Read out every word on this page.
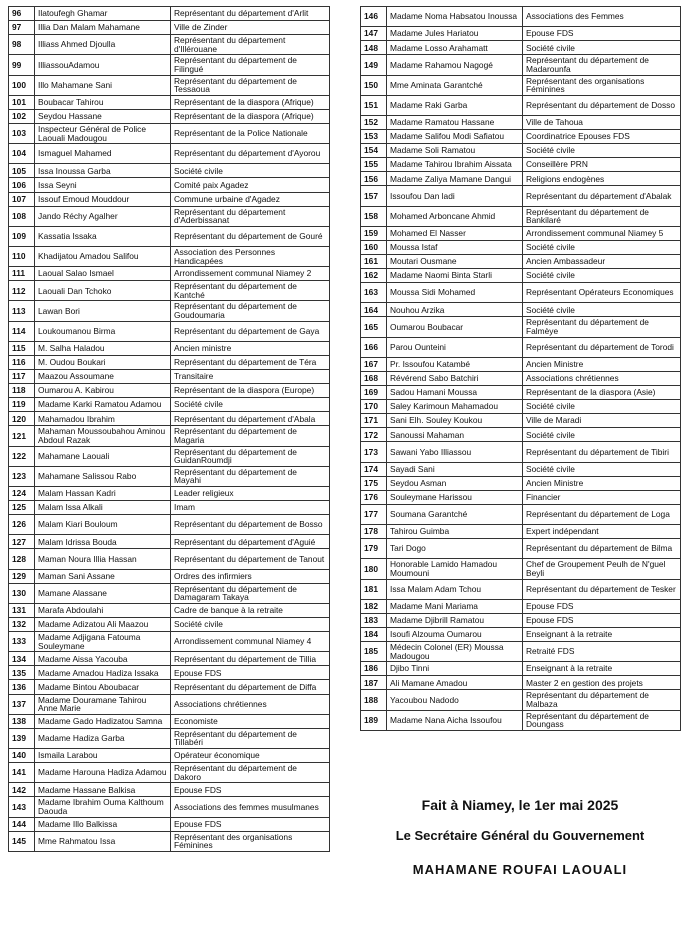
96	Ilatoufegh Ghamar	Représentant du département d'Arlit
97	Illia Dan Malam Mahamane	Ville de Zinder
98	Illiass Ahmed Djoulla	Représentant du département d'Illérouane
99	IlliassouAdamou	Représentant du département de Filingué
100	Illo Mahamane Sani	Représentant du département de Tessaoua
101	Boubacar Tahirou	Représentant de la diaspora (Afrique)
102	Seydou Hassane	Représentant de la diaspora (Afrique)
103	Inspecteur Général de Police Laouali Madougou	Représentant de la Police Nationale
104	Ismaguel Mahamed	Représentant du département d'Ayorou
105	Issa Inoussa Garba	Société civile
106	Issa Seyni	Comité paix Agadez
107	Issouf Emoud Mouddour	Commune urbaine d'Agadez
108	Jando Réchy Agalher	Représentant du département d'Aderbissanat
109	Kassatia Issaka	Représentant du département de Gouré
110	Khadijatou Amadou Salifou	Association des Personnes Handicapées
111	Laoual Salao Ismael	Arrondissement communal Niamey 2
112	Laouali Dan Tchoko	Représentant du département de Kantché
113	Lawan Bori	Représentant du département de Goudoumaria
114	Loukoumanou Birma	Représentant du département de Gaya
115	M. Salha Haladou	Ancien ministre
116	M. Oudou Boukari	Représentant du département de Téra
117	Maazou Assoumane	Transitaire
118	Oumarou A. Kabirou	Représentant de la diaspora (Europe)
119	Madame Karki Ramatou Adamou	Société civile
120	Mahamadou Ibrahim	Représentant du département d'Abala
121	Mahaman Moussoubahou Aminou Abdoul Razak	Représentant du département de Magaria
122	Mahamane Laouali	Représentant du département de GuidanRoumdji
123	Mahamane Salissou Rabo	Représentant du département de Mayahi
124	Malam Hassan Kadri	Leader religieux
125	Malam Issa Alkali	Imam
126	Malam Kiari Bouloum	Représentant du département de Bosso
127	Malam Idrissa Bouda	Représentant du département d'Aguié
128	Maman Noura Illia Hassan	Représentant du département de Tanout
129	Maman Sani Assane	Ordres des infirmiers
130	Mamane Alassane	Représentant du département de Damagaram Takaya
131	Marafa Abdoulahi	Cadre de banque à la retraite
132	Madame Adizatou Ali Maazou	Société civile
133	Madame Adjigana Fatouma Souleymane	Arrondissement communal Niamey 4
134	Madame Aissa Yacouba	Représentant du département de Tillia
135	Madame Amadou Hadiza Issaka	Epouse FDS
136	Madame Bintou Aboubacar	Représentant du département de Diffa
137	Madame Douramane Tahirou Anne Marie	Associations chrétiennes
138	Madame Gado Hadizatou Samna	Economiste
139	Madame Hadiza Garba	Représentant du département de Tillabéri
140	Ismaila Larabou	Opérateur économique
141	Madame Harouna Hadiza Adamou	Représentant du département de Dakoro
142	Madame Hassane Balkisa	Epouse FDS
143	Madame Ibrahim Ouma Kalthoum Daouda	Associations des femmes musulmanes
144	Madame Illo Balkissa	Epouse FDS
145	Mme Rahmatou Issa	Représentant des organisations Féminines
146	Madame Noma Habsatou Inoussa	Associations des Femmes
147	Madame Jules Hariatou	Epouse FDS
148	Madame Losso Arahamatt	Société civile
149	Madame Rahamou Nagogé	Représentant du département de Madarounfa
150	Mme Aminata Garantché	Représentant des organisations Féminines
151	Madame Raki Garba	Représentant du département de Dosso
152	Madame Ramatou Hassane	Ville de Tahoua
153	Madame Salifou Modi Safiatou	Coordinatrice Epouses FDS
154	Madame Soli Ramatou	Société civile
155	Madame Tahirou Ibrahim Aissata	Conseillère PRN
156	Madame Zaliya Mamane Dangui	Religions endogènes
157	Issoufou Dan ladi	Représentant du département d'Abalak
158	Mohamed Arboncane Ahmid	Représentant du département de Bankilaré
159	Mohamed El Nasser	Arrondissement communal Niamey 5
160	Moussa Istaf	Société civile
161	Moutari Ousmane	Ancien Ambassadeur
162	Madame Naomi Binta Starli	Société civile
163	Moussa Sidi Mohamed	Représentant Opérateurs Economiques
164	Nouhou Arzika	Société civile
165	Oumarou Boubacar	Représentant du département de Falmèye
166	Parou Ounteini	Représentant du département de Torodi
167	Pr. Issoufou Katambé	Ancien Ministre
168	Révérend Sabo Batchiri	Associations chrétiennes
169	Sadou Hamani Moussa	Représentant de la diaspora (Asie)
170	Saley Karimoun Mahamadou	Société civile
171	Sani Elh. Souley Koukou	Ville de Maradi
172	Sanoussi Mahaman	Société civile
173	Sawani Yabo Illiassou	Représentant du département de Tibiri
174	Sayadi Sani	Société civile
175	Seydou Asman	Ancien Ministre
176	Souleymane Harissou	Financier
177	Soumana Garantché	Représentant du département de Loga
178	Tahirou Guimba	Expert indépendant
179	Tari Dogo	Représentant du département de Bilma
180	Honorable Lamido Hamadou Moumouni	Chef de Groupement Peulh de N'guel Beyli
181	Issa Malam Adam Tchou	Représentant du département de Tesker
182	Madame Mani Mariama	Epouse FDS
183	Madame Djibrill Ramatou	Epouse FDS
184	Isoufi Alzouma Oumarou	Enseignant à la retraite
185	Médecin Colonel (ER) Moussa Madougou	Retraité FDS
186	Djibo Tinni	Enseignant à la retraite
187	Ali Mamane Amadou	Master 2 en gestion des projets
188	Yacoubou Nadodo	Représentant du département de Malbaza
189	Madame Nana Aicha Issoufou	Représentant du département de Doungass
Fait à Niamey, le 1er mai 2025
Le Secrétaire Général du Gouvernement
MAHAMANE ROUFAI LAOUALI
